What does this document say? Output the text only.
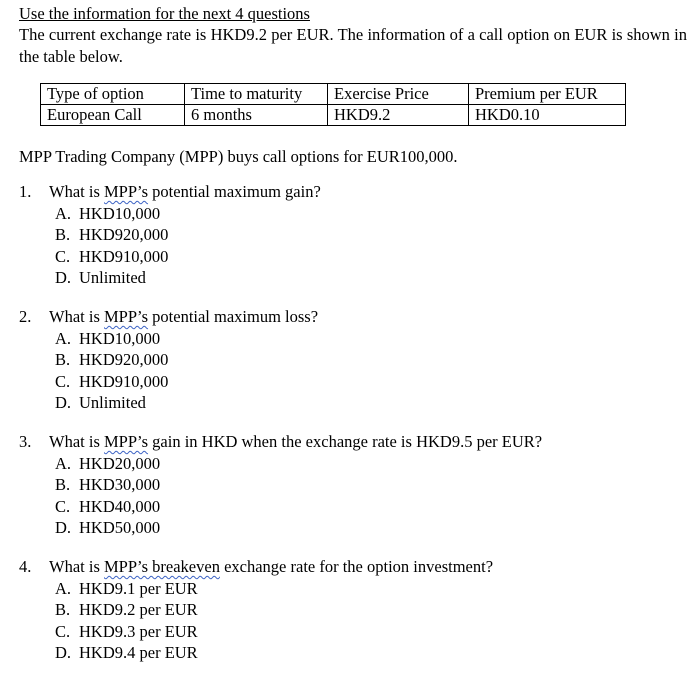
Use the information for the next 4 questions
The current exchange rate is HKD9.2 per EUR. The information of a call option on EUR is shown in the table below.
Type of option	Time to maturity	Exercise Price	Premium per EUR
European Call	6 months	HKD9.2	HKD0.10
MPP Trading Company (MPP) buys call options for EUR100,000.
1. What is MPP’s potential maximum gain?
A. HKD10,000
B. HKD920,000
C. HKD910,000
D. Unlimited
2. What is MPP’s potential maximum loss?
A. HKD10,000
B. HKD920,000
C. HKD910,000
D. Unlimited
3. What is MPP’s gain in HKD when the exchange rate is HKD9.5 per EUR?
A. HKD20,000
B. HKD30,000
C. HKD40,000
D. HKD50,000
4. What is MPP’s breakeven exchange rate for the option investment?
A. HKD9.1 per EUR
B. HKD9.2 per EUR
C. HKD9.3 per EUR
D. HKD9.4 per EUR
